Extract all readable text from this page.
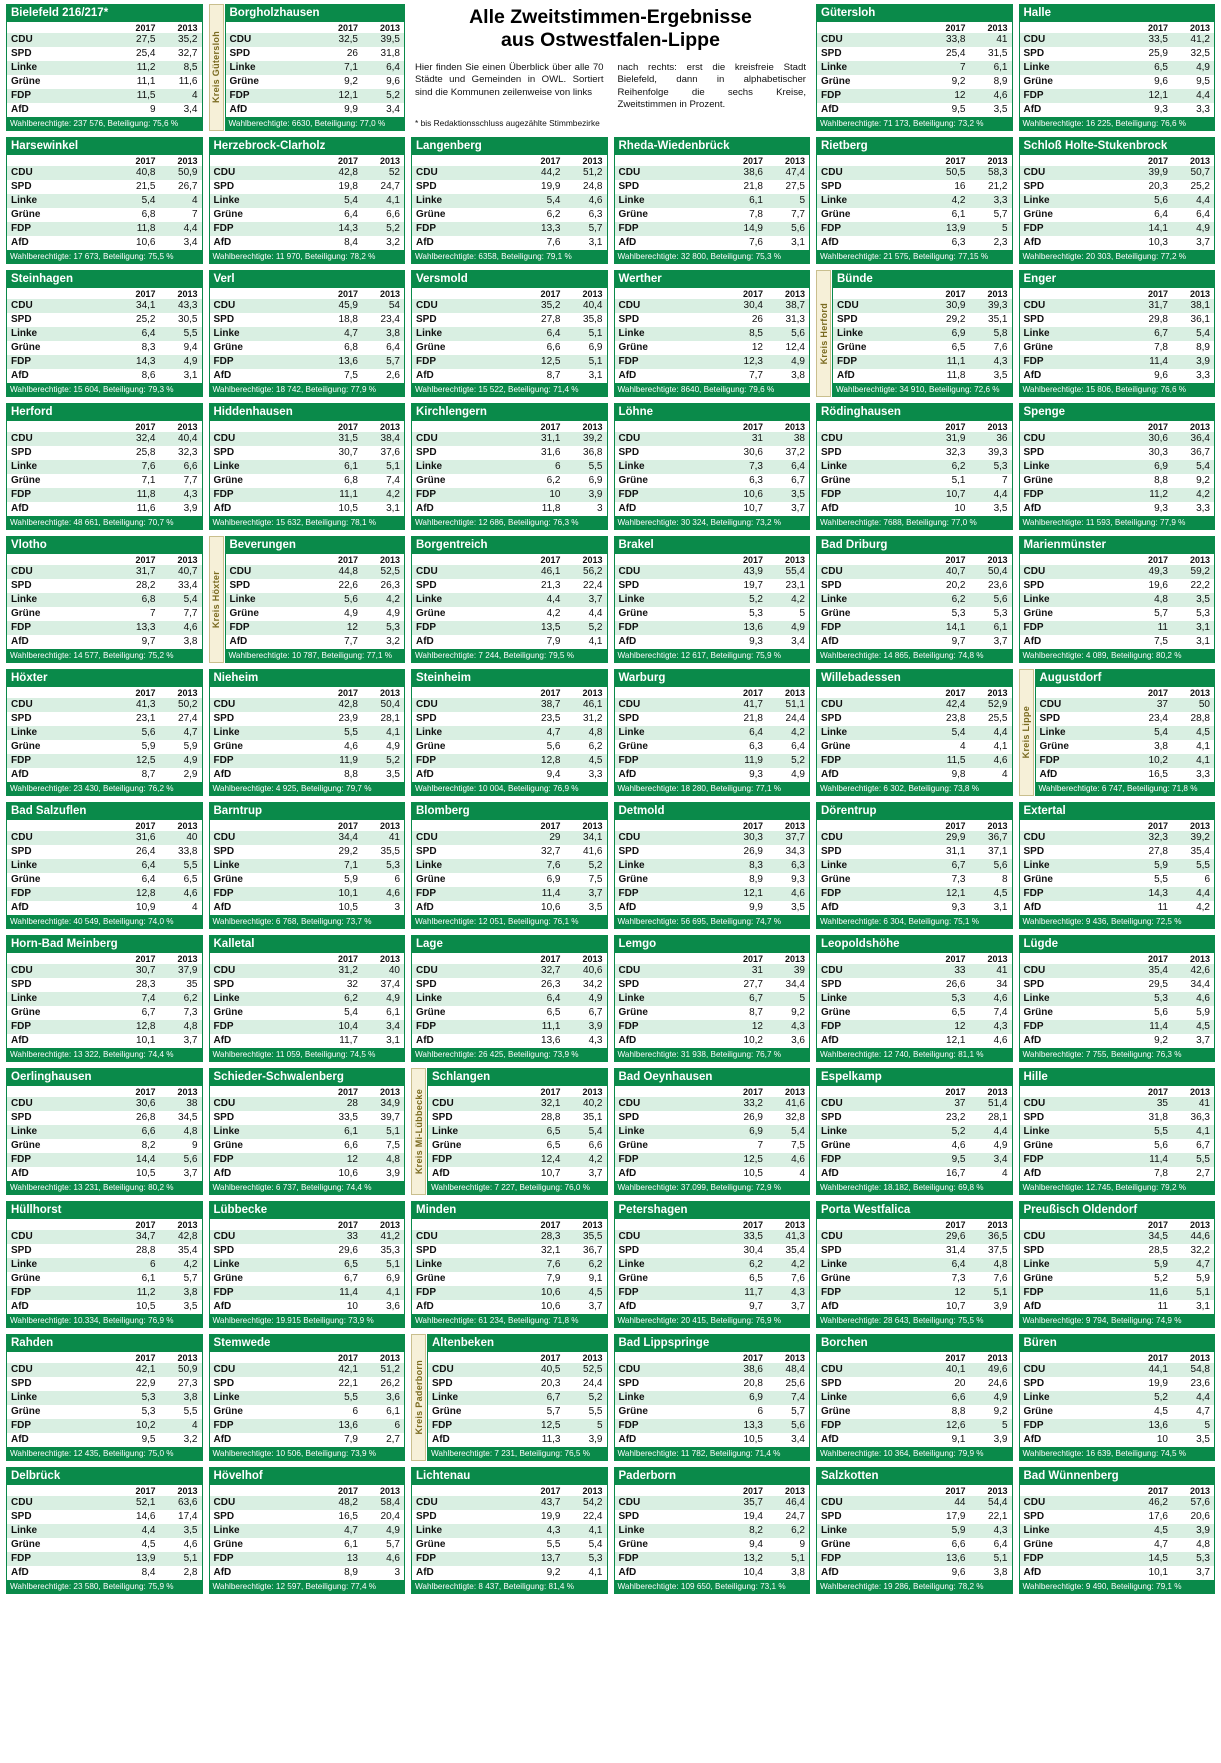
Bielefeld 216/217*
2017	2013
CDU	27,5	35,2
SPD	25,4	32,7
Linke	11,2	8,5
Grüne	11,1	11,6
FDP	11,5	4
AfD	9	3,4
Wahlberechtigte: 237 576, Beteiligung: 75,6 %
Kreis Gütersloh
Borgholzhausen
2017	2013
CDU	32,5	39,5
SPD	26	31,8
Linke	7,1	6,4
Grüne	9,2	9,6
FDP	12,1	5,2
AfD	9,9	3,4
Wahlberechtigte: 6630, Beteiligung: 77,0 %
Alle Zweitstimmen-Ergebnisse
aus Ostwestfalen-Lippe

Hier finden Sie einen Überblick über alle 70 Städte und Gemeinden in OWL. Sortiert sind die Kommunen zeilenweise von links

nach rechts: erst die kreisfreie Stadt Bielefeld, dann in alphabetischer Reihenfolge die sechs Kreise, Zweitstimmen in Prozent.

* bis Redaktionsschluss augezählte Stimmbezirke
Gütersloh
2017	2013
CDU	33,8	41
SPD	25,4	31,5
Linke	7	6,1
Grüne	9,2	8,9
FDP	12	4,6
AfD	9,5	3,5
Wahlberechtigte: 71 173, Beteiligung: 73,2 %
Halle
2017	2013
CDU	33,5	41,2
SPD	25,9	32,5
Linke	6,5	4,9
Grüne	9,6	9,5
FDP	12,1	4,4
AfD	9,3	3,3
Wahlberechtigte: 16 225, Beteiligung: 76,6 %
Harsewinkel
2017	2013
CDU	40,8	50,9
SPD	21,5	26,7
Linke	5,4	4
Grüne	6,8	7
FDP	11,8	4,4
AfD	10,6	3,4
Wahlberechtigte: 17 673, Beteiligung: 75,5 %
Herzebrock-Clarholz
2017	2013
CDU	42,8	52
SPD	19,8	24,7
Linke	5,4	4,1
Grüne	6,4	6,6
FDP	14,3	5,2
AfD	8,4	3,2
Wahlberechtigte: 11 970, Beteiligung: 78,2 %
Langenberg
2017	2013
CDU	44,2	51,2
SPD	19,9	24,8
Linke	5,4	4,6
Grüne	6,2	6,3
FDP	13,3	5,7
AfD	7,6	3,1
Wahlberechtigte: 6358, Beteiligung: 79,1 %
Rheda-Wiedenbrück
2017	2013
CDU	38,6	47,4
SPD	21,8	27,5
Linke	6,1	5
Grüne	7,8	7,7
FDP	14,9	5,6
AfD	7,6	3,1
Wahlberechtigte: 32 800, Beteiligung: 75,3 %
Rietberg
2017	2013
CDU	50,5	58,3
SPD	16	21,2
Linke	4,2	3,3
Grüne	6,1	5,7
FDP	13,9	5
AfD	6,3	2,3
Wahlberechtigte: 21 575, Beteiligung: 77,15 %
Schloß Holte-Stukenbrock
2017	2013
CDU	39,9	50,7
SPD	20,3	25,2
Linke	5,6	4,4
Grüne	6,4	6,4
FDP	14,1	4,9
AfD	10,3	3,7
Wahlberechtigte: 20 303, Beteiligung: 77,2 %
Steinhagen
2017	2013
CDU	34,1	43,3
SPD	25,2	30,5
Linke	6,4	5,5
Grüne	8,3	9,4
FDP	14,3	4,9
AfD	8,6	3,1
Wahlberechtigte: 15 604, Beteiligung: 79,3 %
Verl
2017	2013
CDU	45,9	54
SPD	18,8	23,4
Linke	4,7	3,8
Grüne	6,8	6,4
FDP	13,6	5,7
AfD	7,5	2,6
Wahlberechtigte: 18 742, Beteiligung: 77,9 %
Versmold
2017	2013
CDU	35,2	40,4
SPD	27,8	35,8
Linke	6,4	5,1
Grüne	6,6	6,9
FDP	12,5	5,1
AfD	8,7	3,1
Wahlberechtigte: 15 522, Beteiligung: 71,4 %
Werther
2017	2013
CDU	30,4	38,7
SPD	26	31,3
Linke	8,5	5,6
Grüne	12	12,4
FDP	12,3	4,9
AfD	7,7	3,8
Wahlberechtigte: 8640, Beteiligung: 79,6 %
Kreis Herford
Bünde
2017	2013
CDU	30,9	39,3
SPD	29,2	35,1
Linke	6,9	5,8
Grüne	6,5	7,6
FDP	11,1	4,3
AfD	11,8	3,5
Wahlberechtigte: 34 910, Beteiligung: 72,6 %
Enger
2017	2013
CDU	31,7	38,1
SPD	29,8	36,1
Linke	6,7	5,4
Grüne	7,8	8,9
FDP	11,4	3,9
AfD	9,6	3,3
Wahlberechtigte: 15 806, Beteiligung: 76,6 %
Herford
2017	2013
CDU	32,4	40,4
SPD	25,8	32,3
Linke	7,6	6,6
Grüne	7,1	7,7
FDP	11,8	4,3
AfD	11,6	3,9
Wahlberechtigte: 48 661, Beteiligung: 70,7 %
Hiddenhausen
2017	2013
CDU	31,5	38,4
SPD	30,7	37,6
Linke	6,1	5,1
Grüne	6,8	7,4
FDP	11,1	4,2
AfD	10,5	3,1
Wahlberechtigte: 15 632, Beteiligung: 78,1 %
Kirchlengern
2017	2013
CDU	31,1	39,2
SPD	31,6	36,8
Linke	6	5,5
Grüne	6,2	6,9
FDP	10	3,9
AfD	11,8	3
Wahlberechtigte: 12 686, Beteiligung: 76,3 %
Löhne
2017	2013
CDU	31	38
SPD	30,6	37,2
Linke	7,3	6,4
Grüne	6,3	6,7
FDP	10,6	3,5
AfD	10,7	3,7
Wahlberechtigte: 30 324, Beteiligung: 73,2 %
Rödinghausen
2017	2013
CDU	31,9	36
SPD	32,3	39,3
Linke	6,2	5,3
Grüne	5,1	7
FDP	10,7	4,4
AfD	10	3,5
Wahlberechtigte: 7688, Beteiligung: 77,0 %
Spenge
2017	2013
CDU	30,6	36,4
SPD	30,3	36,7
Linke	6,9	5,4
Grüne	8,8	9,2
FDP	11,2	4,2
AfD	9,3	3,3
Wahlberechtigte: 11 593, Beteiligung: 77,9 %
Vlotho
2017	2013
CDU	31,7	40,7
SPD	28,2	33,4
Linke	6,8	5,4
Grüne	7	7,7
FDP	13,3	4,6
AfD	9,7	3,8
Wahlberechtigte: 14 577, Beteiligung: 75,2 %
Kreis Höxter
Beverungen
2017	2013
CDU	44,8	52,5
SPD	22,6	26,3
Linke	5,6	4,2
Grüne	4,9	4,9
FDP	12	5,3
AfD	7,7	3,2
Wahlberechtigte: 10 787, Beteiligung: 77,1 %
Borgentreich
2017	2013
CDU	46,1	56,2
SPD	21,3	22,4
Linke	4,4	3,7
Grüne	4,2	4,4
FDP	13,5	5,2
AfD	7,9	4,1
Wahlberechtigte: 7 244, Beteiligung: 79,5 %
Brakel
2017	2013
CDU	43,9	55,4
SPD	19,7	23,1
Linke	5,2	4,2
Grüne	5,3	5
FDP	13,6	4,9
AfD	9,3	3,4
Wahlberechtigte: 12 617, Beteiligung: 75,9 %
Bad Driburg
2017	2013
CDU	40,7	50,4
SPD	20,2	23,6
Linke	6,2	5,6
Grüne	5,3	5,3
FDP	14,1	6,1
AfD	9,7	3,7
Wahlberechtigte: 14 865, Beteiligung: 74,8 %
Marienmünster
2017	2013
CDU	49,3	59,2
SPD	19,6	22,2
Linke	4,8	3,5
Grüne	5,7	5,3
FDP	11	3,1
AfD	7,5	3,1
Wahlberechtigte: 4 089, Beteiligung: 80,2 %
Höxter
2017	2013
CDU	41,3	50,2
SPD	23,1	27,4
Linke	5,6	4,7
Grüne	5,9	5,9
FDP	12,5	4,9
AfD	8,7	2,9
Wahlberechtigte: 23 430, Beteiligung: 76,2 %
Nieheim
2017	2013
CDU	42,8	50,4
SPD	23,9	28,1
Linke	5,5	4,1
Grüne	4,6	4,9
FDP	11,9	5,2
AfD	8,8	3,5
Wahlberechtigte: 4 925, Beteiligung: 79,7 %
Steinheim
2017	2013
CDU	38,7	46,1
SPD	23,5	31,2
Linke	4,7	4,8
Grüne	5,6	6,2
FDP	12,8	4,5
AfD	9,4	3,3
Wahlberechtigte: 10 004, Beteiligung: 76,9 %
Warburg
2017	2013
CDU	41,7	51,1
SPD	21,8	24,4
Linke	6,4	4,2
Grüne	6,3	6,4
FDP	11,9	5,2
AfD	9,3	4,9
Wahlberechtigte: 18 280, Beteiligung: 77,1 %
Willebadessen
2017	2013
CDU	42,4	52,9
SPD	23,8	25,5
Linke	5,4	4,4
Grüne	4	4,1
FDP	11,5	4,6
AfD	9,8	4
Wahlberechtigte: 6 302, Beteiligung: 73,8 %
Kreis Lippe
Augustdorf
2017	2013
CDU	37	50
SPD	23,4	28,8
Linke	5,4	4,5
Grüne	3,8	4,1
FDP	10,2	4,1
AfD	16,5	3,3
Wahlberechtigte: 6 747, Beteiligung: 71,8 %
Bad Salzuflen
2017	2013
CDU	31,6	40
SPD	26,4	33,8
Linke	6,4	5,5
Grüne	6,4	6,5
FDP	12,8	4,6
AfD	10,9	4
Wahlberechtigte: 40 549, Beteiligung: 74,0 %
Barntrup
2017	2013
CDU	34,4	41
SPD	29,2	35,5
Linke	7,1	5,3
Grüne	5,9	6
FDP	10,1	4,6
AfD	10,5	3
Wahlberechtigte: 6 768, Beteiligung: 73,7 %
Blomberg
2017	2013
CDU	29	34,1
SPD	32,7	41,6
Linke	7,6	5,2
Grüne	6,9	7,5
FDP	11,4	3,7
AfD	10,6	3,5
Wahlberechtigte: 12 051, Beteiligung: 76,1 %
Detmold
2017	2013
CDU	30,3	37,7
SPD	26,9	34,3
Linke	8,3	6,3
Grüne	8,9	9,3
FDP	12,1	4,6
AfD	9,9	3,5
Wahlberechtigte: 56 695, Beteiligung: 74,7 %
Dörentrup
2017	2013
CDU	29,9	36,7
SPD	31,1	37,1
Linke	6,7	5,6
Grüne	7,3	8
FDP	12,1	4,5
AfD	9,3	3,1
Wahlberechtigte: 6 304, Beteiligung: 75,1 %
Extertal
2017	2013
CDU	32,3	39,2
SPD	27,8	35,4
Linke	5,9	5,5
Grüne	5,5	6
FDP	14,3	4,4
AfD	11	4,2
Wahlberechtigte: 9 436, Beteiligung: 72,5 %
Horn-Bad Meinberg
2017	2013
CDU	30,7	37,9
SPD	28,3	35
Linke	7,4	6,2
Grüne	6,7	7,3
FDP	12,8	4,8
AfD	10,1	3,7
Wahlberechtigte: 13 322, Beteiligung: 74,4 %
Kalletal
2017	2013
CDU	31,2	40
SPD	32	37,4
Linke	6,2	4,9
Grüne	5,4	6,1
FDP	10,4	3,4
AfD	11,7	3,1
Wahlberechtigte: 11 059, Beteiligung: 74,5 %
Lage
2017	2013
CDU	32,7	40,6
SPD	26,3	34,2
Linke	6,4	4,9
Grüne	6,5	6,7
FDP	11,1	3,9
AfD	13,6	4,3
Wahlberechtigte: 26 425, Beteiligung: 73,9 %
Lemgo
2017	2013
CDU	31	39
SPD	27,7	34,4
Linke	6,7	5
Grüne	8,7	9,2
FDP	12	4,3
AfD	10,2	3,6
Wahlberechtigte: 31 938, Beteiligung: 76,7 %
Leopoldshöhe
2017	2013
CDU	33	41
SPD	26,6	34
Linke	5,3	4,6
Grüne	6,5	7,4
FDP	12	4,3
AfD	12,1	4,6
Wahlberechtigte: 12 740, Beteiligung: 81,1 %
Lügde
2017	2013
CDU	35,4	42,6
SPD	29,5	34,4
Linke	5,3	4,6
Grüne	5,6	5,9
FDP	11,4	4,5
AfD	9,2	3,7
Wahlberechtigte: 7 755, Beteiligung: 76,3 %
Oerlinghausen
2017	2013
CDU	30,6	38
SPD	26,8	34,5
Linke	6,6	4,8
Grüne	8,2	9
FDP	14,4	5,6
AfD	10,5	3,7
Wahlberechtigte: 13 231, Beteiligung: 80,2 %
Schieder-Schwalenberg
2017	2013
CDU	28	34,9
SPD	33,5	39,7
Linke	6,1	5,1
Grüne	6,6	7,5
FDP	12	4,8
AfD	10,6	3,9
Wahlberechtigte: 6 737, Beteiligung: 74,4 %
Kreis Mi-Lübbecke
Schlangen
2017	2013
CDU	32,1	40,2
SPD	28,8	35,1
Linke	6,5	5,4
Grüne	6,5	6,6
FDP	12,4	4,2
AfD	10,7	3,7
Wahlberechtigte: 7 227, Beteiligung: 76,0 %
Bad Oeynhausen
2017	2013
CDU	33,2	41,6
SPD	26,9	32,8
Linke	6,9	5,4
Grüne	7	7,5
FDP	12,5	4,6
AfD	10,5	4
Wahlberechtigte: 37.099, Beteiligung: 72,9 %
Espelkamp
2017	2013
CDU	37	51,4
SPD	23,2	28,1
Linke	5,2	4,4
Grüne	4,6	4,9
FDP	9,5	3,4
AfD	16,7	4
Wahlberechtigte: 18.182, Beteiligung: 69,8 %
Hille
2017	2013
CDU	35	41
SPD	31,8	36,3
Linke	5,5	4,1
Grüne	5,6	6,7
FDP	11,4	5,5
AfD	7,8	2,7
Wahlberechtigte: 12.745, Beteiligung: 79,2 %
Hüllhorst
2017	2013
CDU	34,7	42,8
SPD	28,8	35,4
Linke	6	4,2
Grüne	6,1	5,7
FDP	11,2	3,8
AfD	10,5	3,5
Wahlberechtigte: 10.334, Beteiligung: 76,9 %
Lübbecke
2017	2013
CDU	33	41,2
SPD	29,6	35,3
Linke	6,5	5,1
Grüne	6,7	6,9
FDP	11,4	4,1
AfD	10	3,6
Wahlberechtigte: 19.915 Beteiligung: 73,9 %
Minden
2017	2013
CDU	28,3	35,5
SPD	32,1	36,7
Linke	7,6	6,2
Grüne	7,9	9,1
FDP	10,6	4,5
AfD	10,6	3,7
Wahlberechtigte: 61 234, Beteiligung: 71,8 %
Petershagen
2017	2013
CDU	33,5	41,3
SPD	30,4	35,4
Linke	6,2	4,2
Grüne	6,5	7,6
FDP	11,7	4,3
AfD	9,7	3,7
Wahlberechtigte: 20 415, Beteiligung: 76,9 %
Porta Westfalica
2017	2013
CDU	29,6	36,5
SPD	31,4	37,5
Linke	6,4	4,8
Grüne	7,3	7,6
FDP	12	5,1
AfD	10,7	3,9
Wahlberechtigte: 28 643, Beteiligung: 75,5 %
Preußisch Oldendorf
2017	2013
CDU	34,5	44,6
SPD	28,5	32,2
Linke	5,9	4,7
Grüne	5,2	5,9
FDP	11,6	5,1
AfD	11	3,1
Wahlberechtigte: 9 794, Beteiligung: 74,9 %
Rahden
2017	2013
CDU	42,1	50,9
SPD	22,9	27,3
Linke	5,3	3,8
Grüne	5,3	5,5
FDP	10,2	4
AfD	9,5	3,2
Wahlberechtigte: 12 435, Beteiligung: 75,0 %
Stemwede
2017	2013
CDU	42,1	51,2
SPD	22,1	26,2
Linke	5,5	3,6
Grüne	6	6,1
FDP	13,6	6
AfD	7,9	2,7
Wahlberechtigte: 10 506, Beteiligung: 73,9 %
Kreis Paderborn
Altenbeken
2017	2013
CDU	40,5	52,5
SPD	20,3	24,4
Linke	6,7	5,2
Grüne	5,7	5,5
FDP	12,5	5
AfD	11,3	3,9
Wahlberechtigte: 7 231, Beteiligung: 76,5 %
Bad Lippspringe
2017	2013
CDU	38,6	48,4
SPD	20,8	25,6
Linke	6,9	7,4
Grüne	6	5,7
FDP	13,3	5,6
AfD	10,5	3,4
Wahlberechtigte: 11 782, Beteiligung: 71,4 %
Borchen
2017	2013
CDU	40,1	49,6
SPD	20	24,6
Linke	6,6	4,9
Grüne	8,8	9,2
FDP	12,6	5
AfD	9,1	3,9
Wahlberechtigte: 10 364, Beteiligung: 79,9 %
Büren
2017	2013
CDU	44,1	54,8
SPD	19,9	23,6
Linke	5,2	4,4
Grüne	4,5	4,7
FDP	13,6	5
AfD	10	3,5
Wahlberechtigte: 16 639, Beteiligung: 74,5 %
Delbrück
2017	2013
CDU	52,1	63,6
SPD	14,6	17,4
Linke	4,4	3,5
Grüne	4,5	4,6
FDP	13,9	5,1
AfD	8,4	2,8
Wahlberechtigte: 23 580, Beteiligung: 75,9 %
Hövelhof
2017	2013
CDU	48,2	58,4
SPD	16,5	20,4
Linke	4,7	4,9
Grüne	6,1	5,7
FDP	13	4,6
AfD	8,9	3
Wahlberechtigte: 12 597, Beteiligung: 77,4 %
Lichtenau
2017	2013
CDU	43,7	54,2
SPD	19,9	22,4
Linke	4,3	4,1
Grüne	5,5	5,4
FDP	13,7	5,3
AfD	9,2	4,1
Wahlberechtigte: 8 437, Beteiligung: 81,4 %
Paderborn
2017	2013
CDU	35,7	46,4
SPD	19,4	24,7
Linke	8,2	6,2
Grüne	9,4	9
FDP	13,2	5,1
AfD	10,4	3,8
Wahlberechtigte: 109 650, Beteiligung: 73,1 %
Salzkotten
2017	2013
CDU	44	54,4
SPD	17,9	22,1
Linke	5,9	4,3
Grüne	6,6	6,4
FDP	13,6	5,1
AfD	9,6	3,8
Wahlberechtigte: 19 286, Beteiligung: 78,2 %
Bad Wünnenberg
2017	2013
CDU	46,2	57,6
SPD	17,6	20,6
Linke	4,5	3,9
Grüne	4,7	4,8
FDP	14,5	5,3
AfD	10,1	3,7
Wahlberechtigte: 9 490, Beteiligung: 79,1 %
